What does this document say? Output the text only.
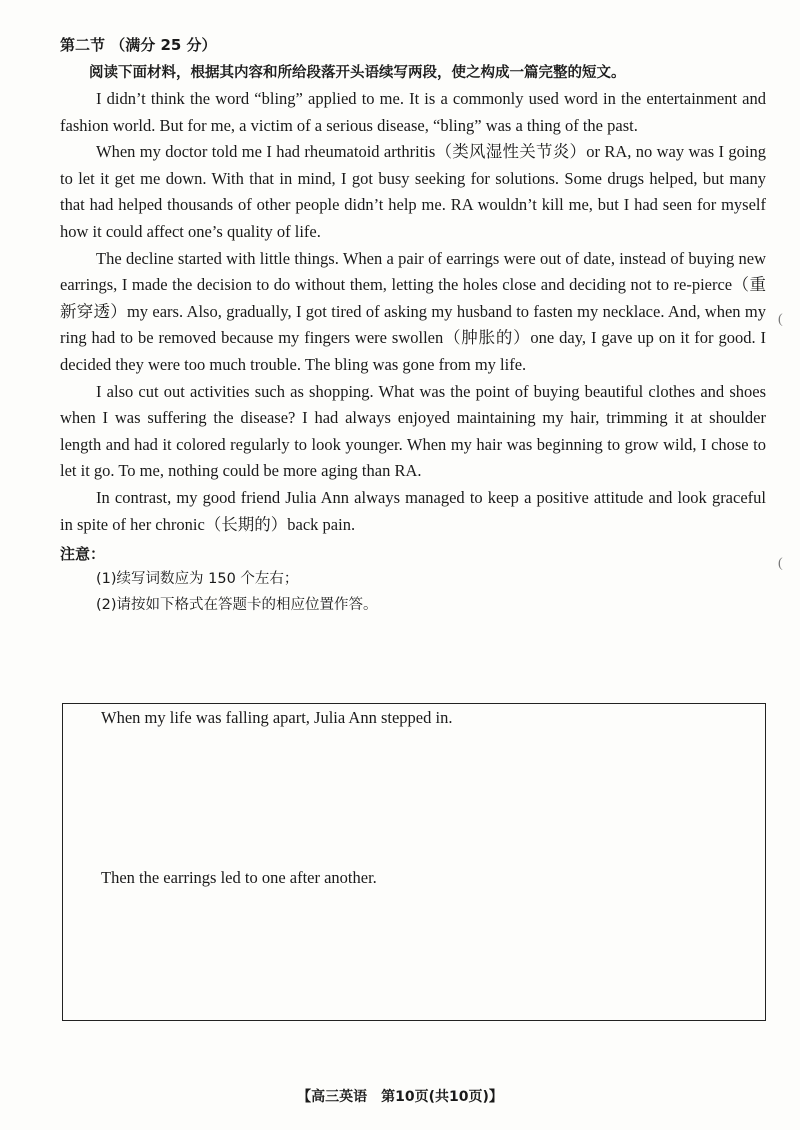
第二节 （满分 25 分）

阅读下面材料，根据其内容和所给段落开头语续写两段，使之构成一篇完整的短文。

I didn’t think the word “bling” applied to me. It is a commonly used word in the entertainment and fashion world. But for me, a victim of a serious disease, “bling” was a thing of the past.

When my doctor told me I had rheumatoid arthritis（类风湿性关节炎）or RA, no way was I going to let it get me down. With that in mind, I got busy seeking for solutions. Some drugs helped, but many that had helped thousands of other people didn’t help me. RA wouldn’t kill me, but I had seen for myself how it could affect one’s quality of life.

The decline started with little things. When a pair of earrings were out of date, instead of buying new earrings, I made the decision to do without them, letting the holes close and deciding not to re-pierce（重新穿透）my ears. Also, gradually, I got tired of asking my husband to fasten my necklace. And, when my ring had to be removed because my fingers were swollen（肿胀的）one day, I gave up on it for good. I decided they were too much trouble. The bling was gone from my life.

I also cut out activities such as shopping. What was the point of buying beautiful clothes and shoes when I was suffering the disease? I had always enjoyed maintaining my hair, trimming it at shoulder length and had it colored regularly to look younger. When my hair was beginning to grow wild, I chose to let it go. To me, nothing could be more aging than RA.

In contrast, my good friend Julia Ann always managed to keep a positive attitude and look graceful in spite of her chronic（长期的）back pain.

注意：

(1)续写词数应为 150 个左右；

(2)请按如下格式在答题卡的相应位置作答。

When my life was falling apart, Julia Ann stepped in.

Then the earrings led to one after another.

(
(
【高三英语　第10页(共10页)】
